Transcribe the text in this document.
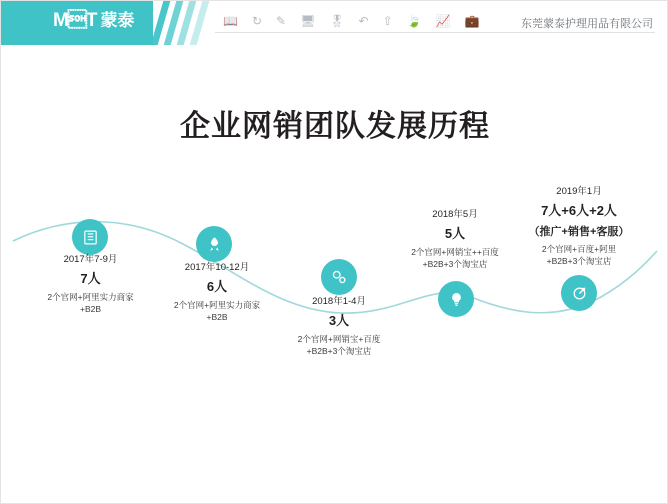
MT 蒙泰	📖 ↻ ✎ 🖥 🎖 ↶ ⇧ 🍃 📈 💼	东莞蒙泰护理用品有限公司
企业网销团队发展历程
2017年7-9月
7人
2个官网+阿里实力商家
+B2B
2017年10-12月
6人
2个官网+阿里实力商家
+B2B
2018年1-4月
3人
2个官网+网销宝+百度
+B2B+3个淘宝店
2018年5月
5人
2个官网+网销宝++百度
+B2B+3个淘宝店
2019年1月
7人+6人+2人
（推广+销售+客服）
2个官网+百度+阿里
+B2B+3个淘宝店
